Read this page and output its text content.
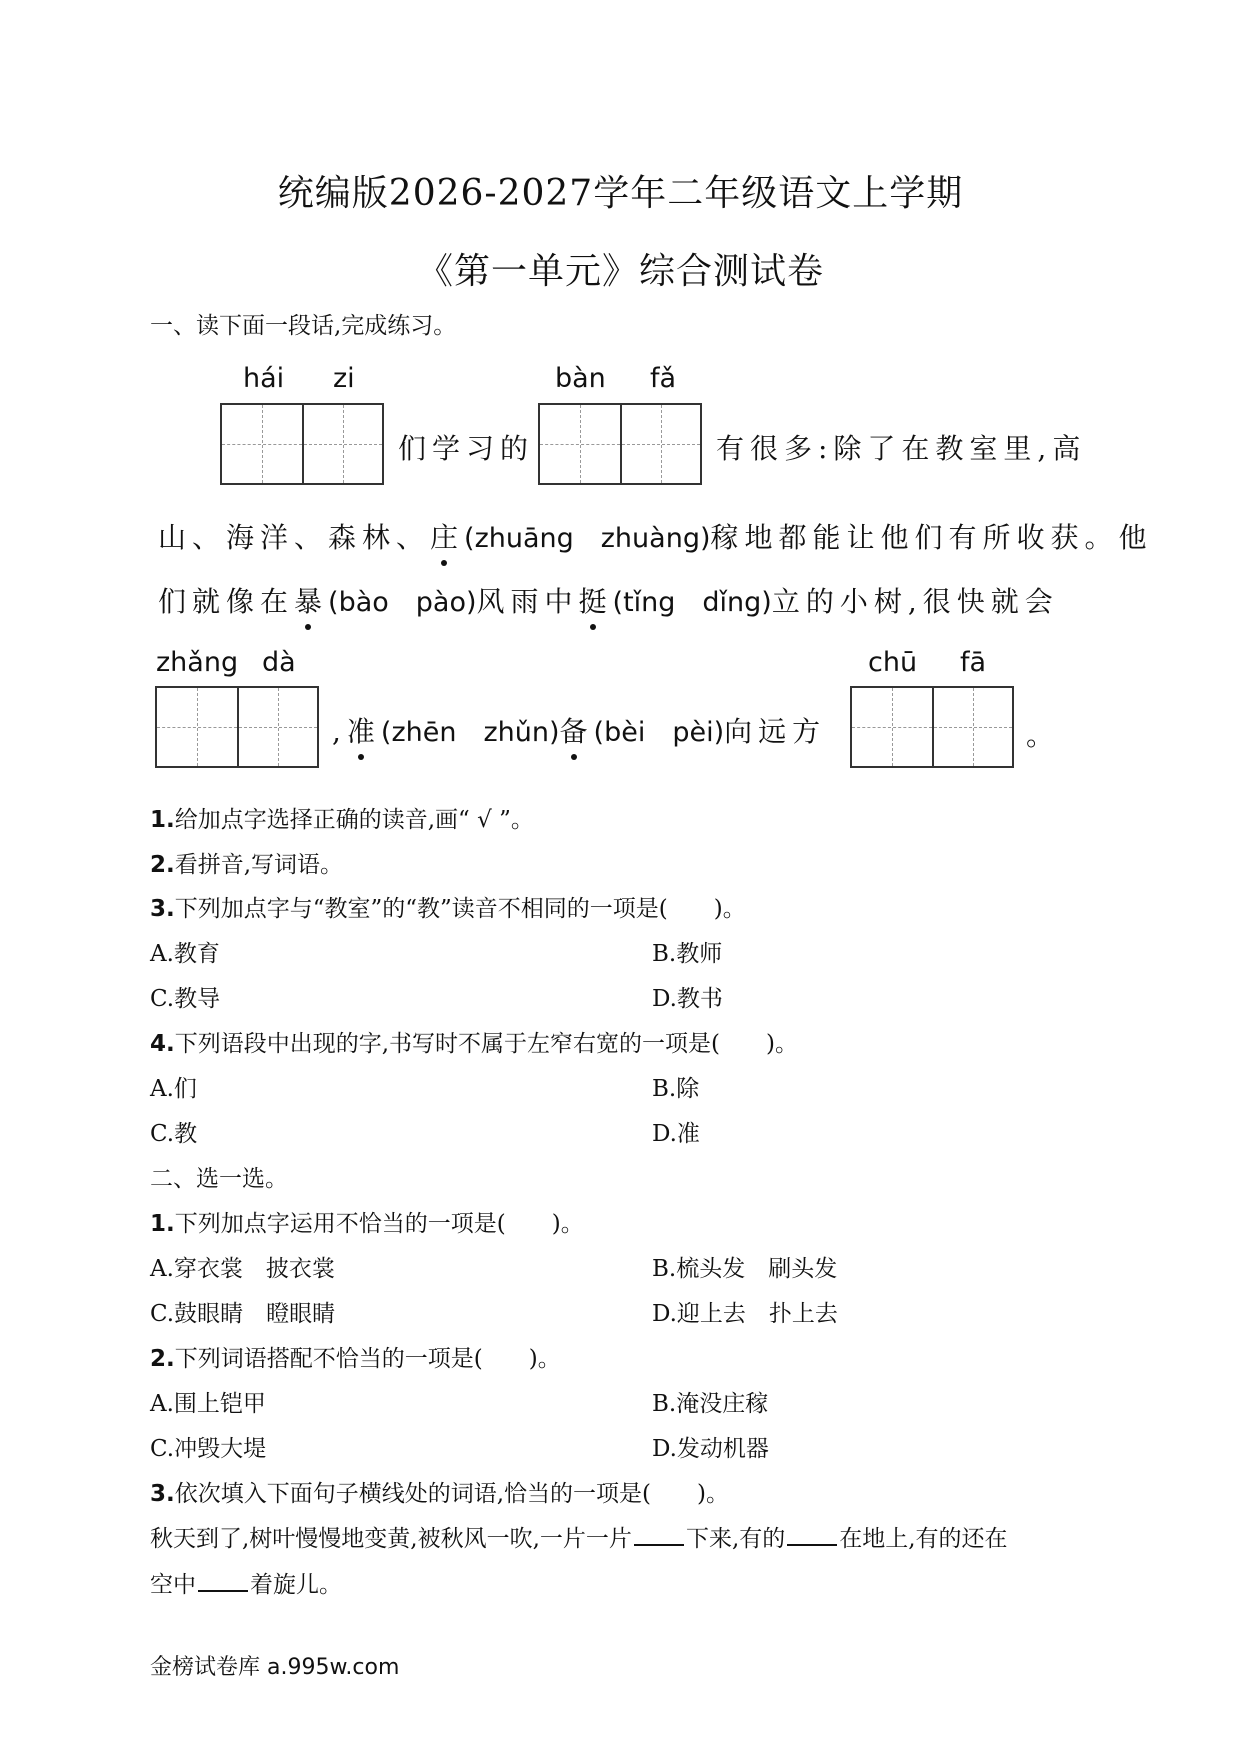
统编版2026-2027学年二年级语文上学期
《第一单元》综合测试卷
一、读下面一段话,完成练习。
hái zi
们学习的
bàn fǎ
有很多:除了在教室里,高
山、海洋、森林、庄(zhuāng　zhuàng)稼地都能让他们有所收获。他
们就像在暴(bào　pào)风雨中挺(tǐng　dǐng)立的小树,很快就会
zhǎng dà
,准(zhēn　zhǔn)备(bèi　pèi)向远方
chū fā
。
1.给加点字选择正确的读音,画“ √ ”。
2.看拼音,写词语。
3.下列加点字与“教室”的“教”读音不相同的一项是(　　)。
A.教育	B.教师
C.教导	D.教书
4.下列语段中出现的字,书写时不属于左窄右宽的一项是(　　)。
A.们	B.除
C.教	D.准
二、选一选。
1.下列加点字运用不恰当的一项是(　　)。
A.穿衣裳　披衣裳	B.梳头发　刷头发
C.鼓眼睛　瞪眼睛	D.迎上去　扑上去
2.下列词语搭配不恰当的一项是(　　)。
A.围上铠甲	B.淹没庄稼
C.冲毁大堤	D.发动机器
3.依次填入下面句子横线处的词语,恰当的一项是(　　)。
秋天到了,树叶慢慢地变黄,被秋风一吹,一片一片 下来,有的 在地上,有的还在
空中 着旋儿。
金榜试卷库 a.995w.com
